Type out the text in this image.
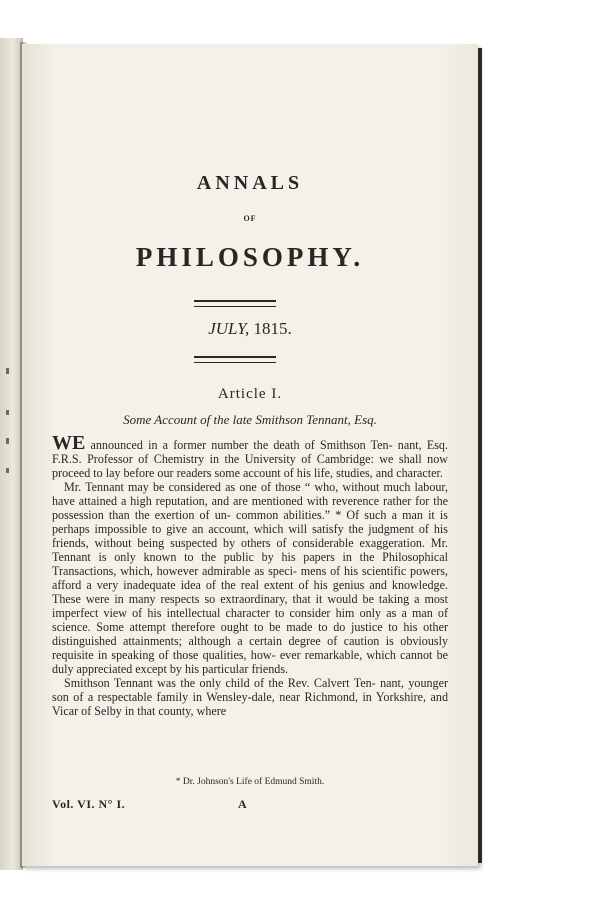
ANNALS
OF
PHILOSOPHY.
JULY, 1815.
Article I.
Some Account of the late Smithson Tennant, Esq.

WE announced in a former number the death of Smithson Ten- nant, Esq. F.R.S. Professor of Chemistry in the University of Cambridge: we shall now proceed to lay before our readers some account of his life, studies, and character.

Mr. Tennant may be considered as one of those “ who, without much labour, have attained a high reputation, and are mentioned with reverence rather for the possession than the exertion of un- common abilities.” * Of such a man it is perhaps impossible to give an account, which will satisfy the judgment of his friends, without being suspected by others of considerable exaggeration. Mr. Tennant is only known to the public by his papers in the Philosophical Transactions, which, however admirable as speci- mens of his scientific powers, afford a very inadequate idea of the real extent of his genius and knowledge. These were in many respects so extraordinary, that it would be taking a most imperfect view of his intellectual character to consider him only as a man of science. Some attempt therefore ought to be made to do justice to his other distinguished attainments; although a certain degree of caution is obviously requisite in speaking of those qualities, how- ever remarkable, which cannot be duly appreciated except by his particular friends.

Smithson Tennant was the only child of the Rev. Calvert Ten- nant, younger son of a respectable family in Wensley-dale, near Richmond, in Yorkshire, and Vicar of Selby in that county, where

* Dr. Johnson's Life of Edmund Smith.
Vol. VI. N° I.	A
